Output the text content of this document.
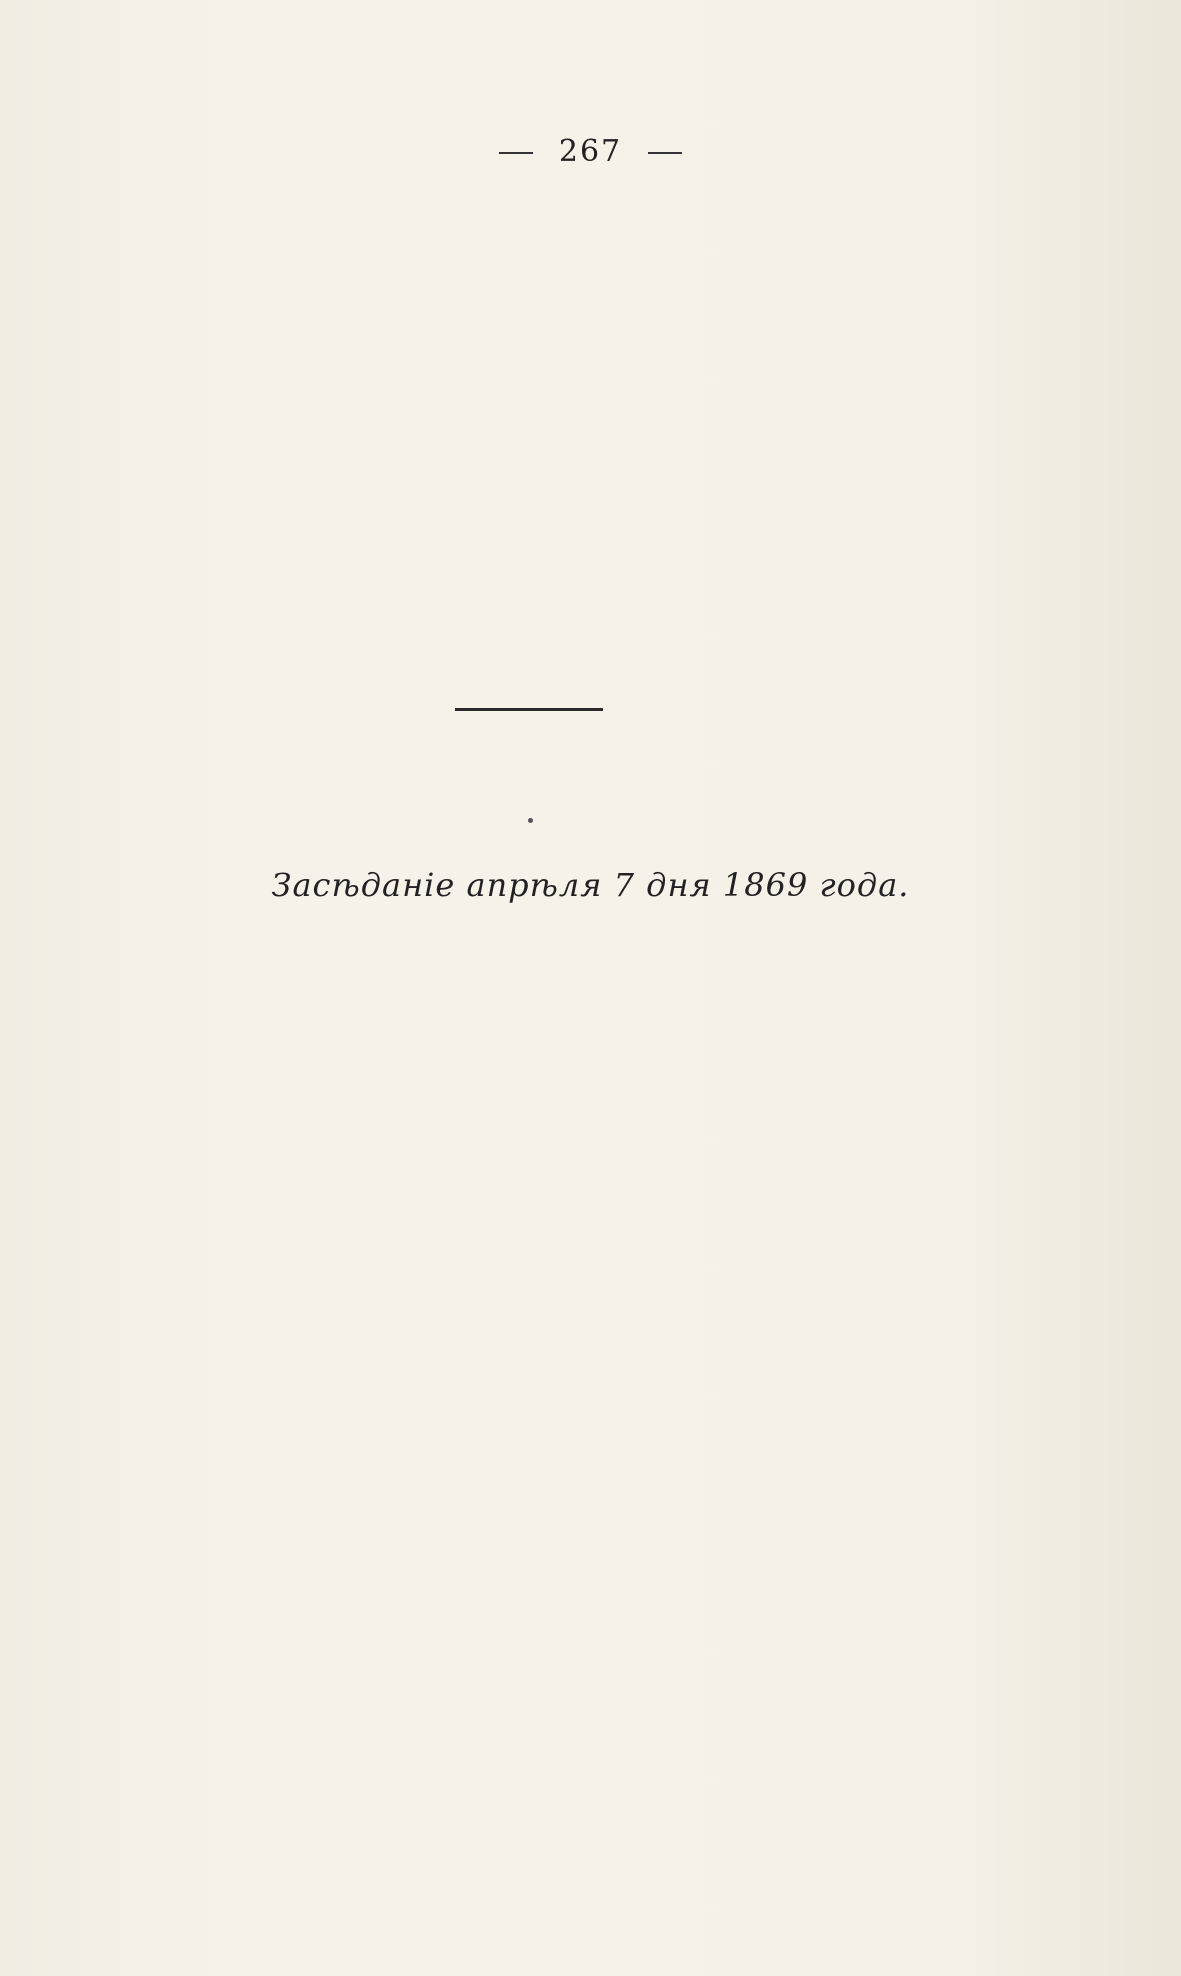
267
Засѣданіе апрѣля 7 дня 1869 года.
